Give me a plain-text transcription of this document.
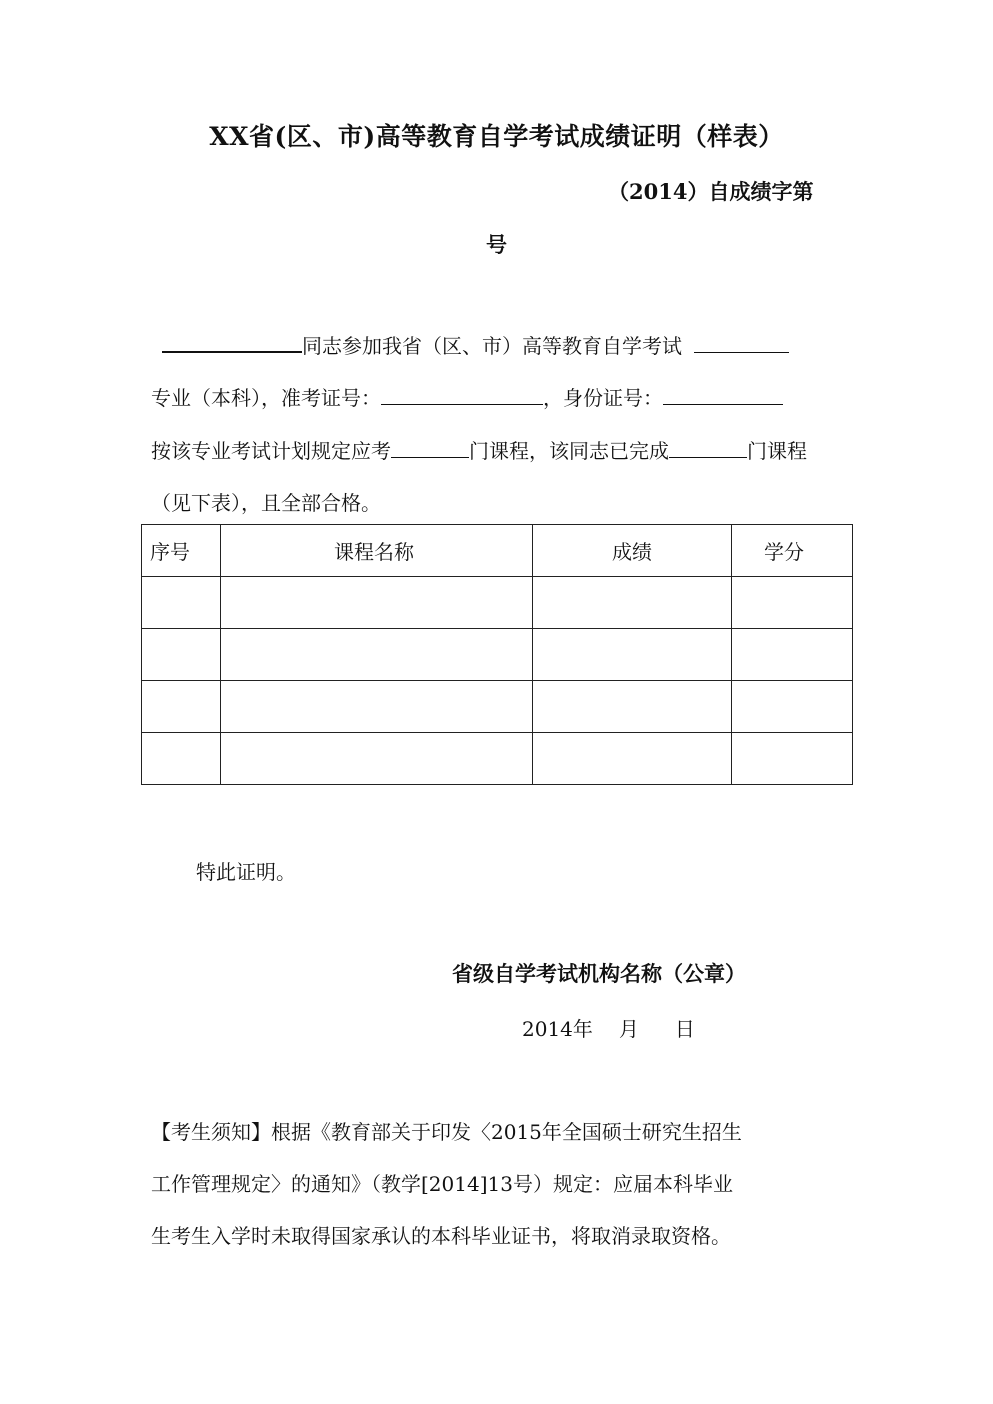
XX省(区、市)高等教育自学考试成绩证明（样表）
（2014）自成绩字第
号
同志参加我省（区、市）高等教育自学考试
专业（本科），准考证号：	，身份证号：
按该专业考试计划规定应考	门课程，该同志已完成	门课程
（见下表），且全部合格。
序号	课程名称	成绩	学分

特此证明。
省级自学考试机构名称（公章）
2014年 月 日
【考生须知】根据《教育部关于印发〈2015年全国硕士研究生招生
工作管理规定〉的通知》（教学[2014]13号）规定：应届本科毕业
生考生入学时未取得国家承认的本科毕业证书，将取消录取资格。
